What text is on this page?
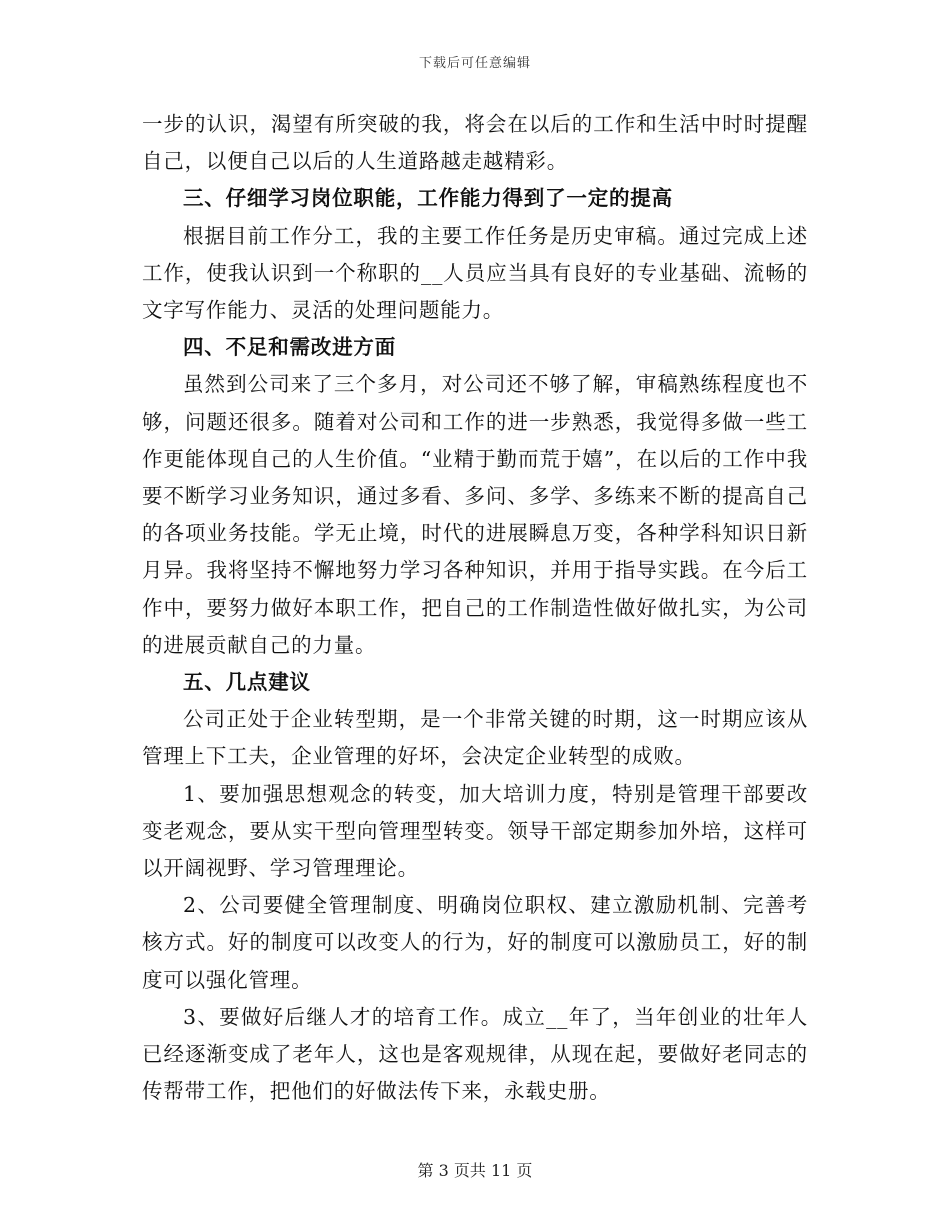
下载后可任意编辑

一步的认识，渴望有所突破的我，将会在以后的工作和生活中时时提醒自己，以便自己以后的人生道路越走越精彩。

三、仔细学习岗位职能，工作能力得到了一定的提高

根据目前工作分工，我的主要工作任务是历史审稿。通过完成上述工作，使我认识到一个称职的__人员应当具有良好的专业基础、流畅的文字写作能力、灵活的处理问题能力。

四、不足和需改进方面

虽然到公司来了三个多月，对公司还不够了解，审稿熟练程度也不够，问题还很多。随着对公司和工作的进一步熟悉，我觉得多做一些工作更能体现自己的人生价值。“业精于勤而荒于嬉”，在以后的工作中我要不断学习业务知识，通过多看、多问、多学、多练来不断的提高自己的各项业务技能。学无止境，时代的进展瞬息万变，各种学科知识日新月异。我将坚持不懈地努力学习各种知识，并用于指导实践。在今后工作中，要努力做好本职工作，把自己的工作制造性做好做扎实，为公司的进展贡献自己的力量。

五、几点建议

公司正处于企业转型期，是一个非常关键的时期，这一时期应该从管理上下工夫，企业管理的好坏，会决定企业转型的成败。

1、要加强思想观念的转变，加大培训力度，特别是管理干部要改变老观念，要从实干型向管理型转变。领导干部定期参加外培，这样可以开阔视野、学习管理理论。

2、公司要健全管理制度、明确岗位职权、建立激励机制、完善考核方式。好的制度可以改变人的行为，好的制度可以激励员工，好的制度可以强化管理。

3、要做好后继人才的培育工作。成立__年了，当年创业的壮年人已经逐渐变成了老年人，这也是客观规律，从现在起，要做好老同志的传帮带工作，把他们的好做法传下来，永载史册。

第 3 页共 11 页
